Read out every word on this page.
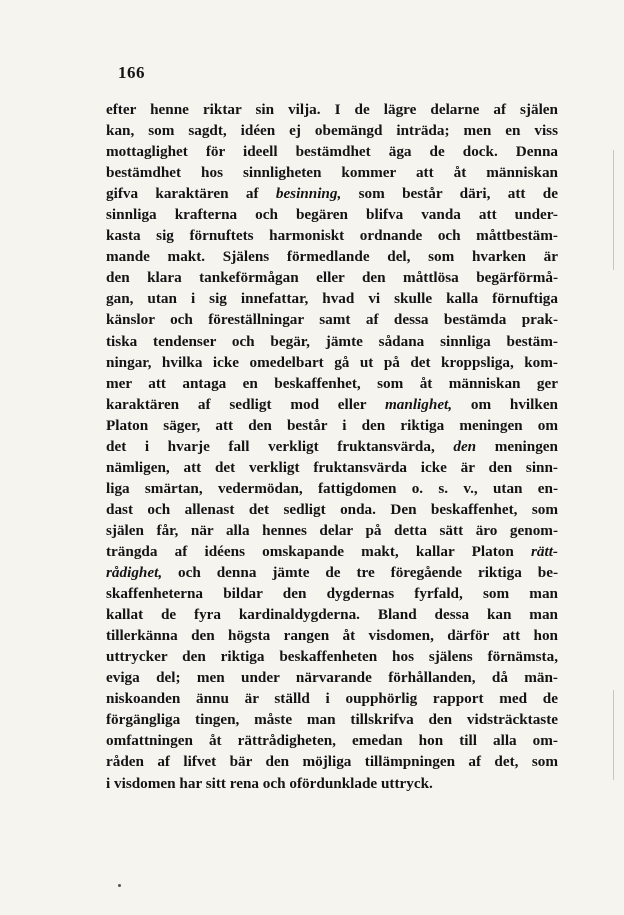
166
efter henne riktar sin vilja. I de lägre delarne af själen
kan, som sagdt, idéen ej obemängd inträda; men en viss
mottaglighet för ideell bestämdhet äga de dock. Denna
bestämdhet hos sinnligheten kommer att åt människan
gifva karaktären af besinning, som består däri, att de
sinnliga krafterna och begären blifva vanda att under-
kasta sig förnuftets harmoniskt ordnande och måttbestäm-
mande makt. Själens förmedlande del, som hvarken är
den klara tankeförmågan eller den måttlösa begärförmå-
gan, utan i sig innefattar, hvad vi skulle kalla förnuftiga
känslor och föreställningar samt af dessa bestämda prak-
tiska tendenser och begär, jämte sådana sinnliga bestäm-
ningar, hvilka icke omedelbart gå ut på det kroppsliga, kom-
mer att antaga en beskaffenhet, som åt människan ger
karaktären af sedligt mod eller manlighet, om hvilken
Platon säger, att den består i den riktiga meningen om
det i hvarje fall verkligt fruktansvärda, den meningen
nämligen, att det verkligt fruktansvärda icke är den sinn-
liga smärtan, vedermödan, fattigdomen o. s. v., utan en-
dast och allenast det sedligt onda. Den beskaffenhet, som
själen får, när alla hennes delar på detta sätt äro genom-
trängda af idéens omskapande makt, kallar Platon rätt-
rådighet, och denna jämte de tre föregående riktiga be-
skaffenheterna bildar den dygdernas fyrfald, som man
kallat de fyra kardinaldygderna. Bland dessa kan man
tillerkänna den högsta rangen åt visdomen, därför att hon
uttrycker den riktiga beskaffenheten hos själens förnämsta,
eviga del; men under närvarande förhållanden, då män-
niskoanden ännu är ställd i oupphörlig rapport med de
förgängliga tingen, måste man tillskrifva den vidsträcktaste
omfattningen åt rättrådigheten, emedan hon till alla om-
råden af lifvet bär den möjliga tillämpningen af det, som
i visdomen har sitt rena och ofördunklade uttryck.
